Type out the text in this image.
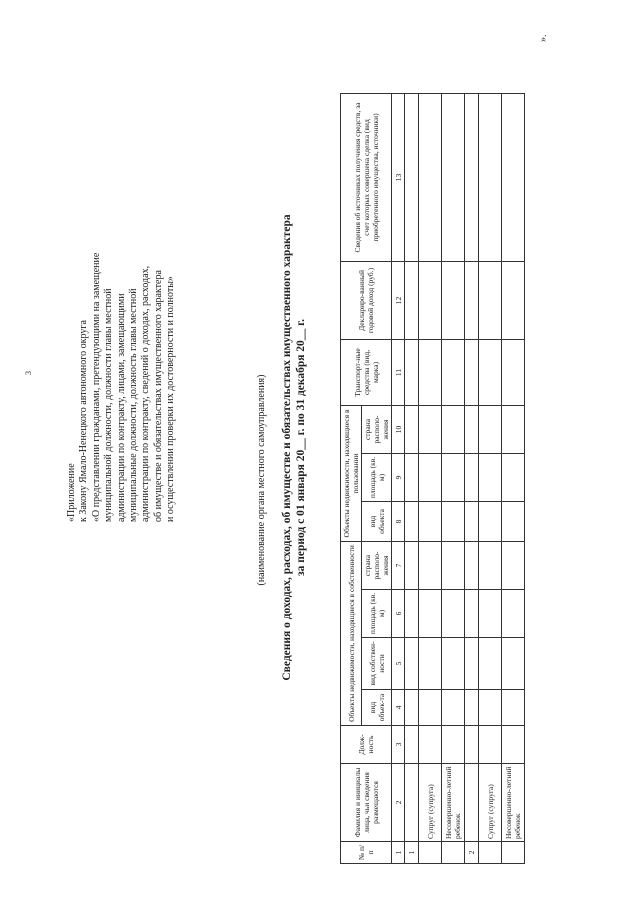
3
«Приложение к Закону Ямало-Ненецкого автономного округа «О представлении гражданами, претендующими на замещение муниципальной должности, должности главы местной администрации по контракту, лицами, замещающими муниципальные должности, должность главы местной администрации по контракту, сведений о доходах, расходах, об имуществе и обязательствах имущественного характера и осуществлении проверки их достоверности и полноты»	(наименование органа местного самоуправления) Сведения о доходах, расходах, об имуществе и обязательствах имущественного характера за период с 01 января 20__ г. по 31 декабря 20__ г.
№ п/п	Фамилия и инициалы лица, чьи сведения размещаются	Долж-ность	Объекты недвижимости, находящиеся в собственности				Объекты недвижимости, находящиеся в пользовании			Транспорт-ные средства (вид, марка)	Деклариро-ванный годовой доход (руб.)	Сведения об источниках получения средств, за счет которых совершена сделка (вид приобретенного имущества, источники)
			вид объек-та	вид собствен-ности	площадь (кв. м)	страна располо-жения	вид объекта	площадь (кв. м)	страна располо-жения			
1	2	3	4	5	6	7	8	9	10	11	12	13
1												
	Супруг (супруга)											
	Несовершенно-летний ребенок											
2												
	Супруг (супруга)											
	Несовершенно-летний ребенок											
».
